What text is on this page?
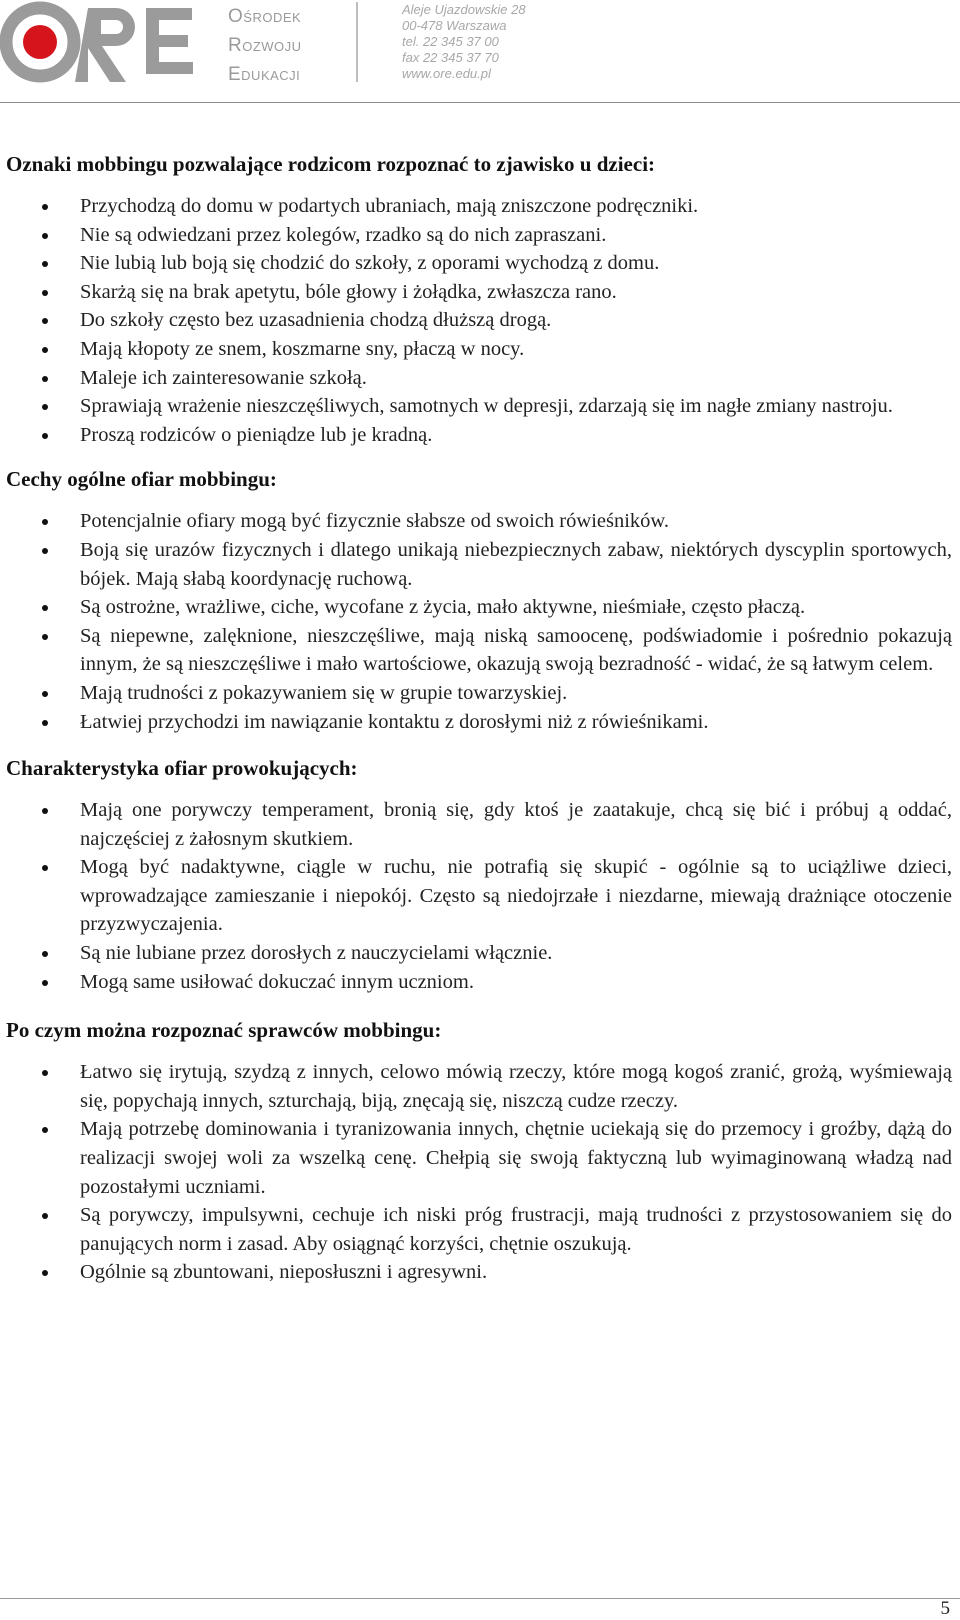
ORE
Ośrodek
Rozwoju
Edukacji
Aleje Ujazdowskie 28
00-478 Warszawa
tel. 22 345 37 00
fax 22 345 37 70
www.ore.edu.pl
Oznaki mobbingu pozwalające rodzicom rozpoznać to zjawisko u dzieci:
Przychodzą do domu w podartych ubraniach, mają zniszczone podręczniki.
Nie są odwiedzani przez kolegów, rzadko są do nich zapraszani.
Nie lubią lub boją się chodzić do szkoły, z oporami wychodzą z domu.
Skarżą się na brak apetytu, bóle głowy i żołądka, zwłaszcza rano.
Do szkoły często bez uzasadnienia chodzą dłuższą drogą.
Mają kłopoty ze snem, koszmarne sny, płaczą w nocy.
Maleje ich zainteresowanie szkołą.
Sprawiają wrażenie nieszczęśliwych, samotnych w depresji, zdarzają się im nagłe zmiany nastroju.
Proszą rodziców o pieniądze lub je kradną.
Cechy ogólne ofiar mobbingu:
Potencjalnie ofiary mogą być fizycznie słabsze od swoich rówieśników.
Boją się urazów fizycznych i dlatego unikają niebezpiecznych zabaw, niektórych dyscyplin sportowych, bójek. Mają słabą koordynację ruchową.
Są ostrożne, wrażliwe, ciche, wycofane z życia, mało aktywne, nieśmiałe, często płaczą.
Są niepewne, zalęknione, nieszczęśliwe, mają niską samoocenę, podświadomie i pośrednio pokazują innym, że są nieszczęśliwe i mało wartościowe, okazują swoją bezradność - widać, że są łatwym celem.
Mają trudności z pokazywaniem się w grupie towarzyskiej.
Łatwiej przychodzi im nawiązanie kontaktu z dorosłymi niż z rówieśnikami.
Charakterystyka ofiar prowokujących:
Mają one porywczy temperament, bronią się, gdy ktoś je zaatakuje, chcą się bić i próbuj ą oddać, najczęściej z żałosnym skutkiem.
Mogą być nadaktywne, ciągle w ruchu, nie potrafią się skupić - ogólnie są to uciążliwe dzieci, wprowadzające zamieszanie i niepokój. Często są niedojrzałe i niezdarne, miewają drażniące otoczenie przyzwyczajenia.
Są nie lubiane przez dorosłych z nauczycielami włącznie.
Mogą same usiłować dokuczać innym uczniom.
Po czym można rozpoznać sprawców mobbingu:
Łatwo się irytują, szydzą z innych, celowo mówią rzeczy, które mogą kogoś zranić, grożą, wyśmiewają się, popychają innych, szturchają, biją, znęcają się, niszczą cudze rzeczy.
Mają potrzebę dominowania i tyranizowania innych, chętnie uciekają się do przemocy i groźby, dążą do realizacji swojej woli za wszelką cenę. Chełpią się swoją faktyczną lub wyimaginowaną władzą nad pozostałymi uczniami.
Są porywczy, impulsywni, cechuje ich niski próg frustracji, mają trudności z przystosowaniem się do panujących norm i zasad. Aby osiągnąć korzyści, chętnie oszukują.
Ogólnie są zbuntowani, nieposłuszni i agresywni.
5
